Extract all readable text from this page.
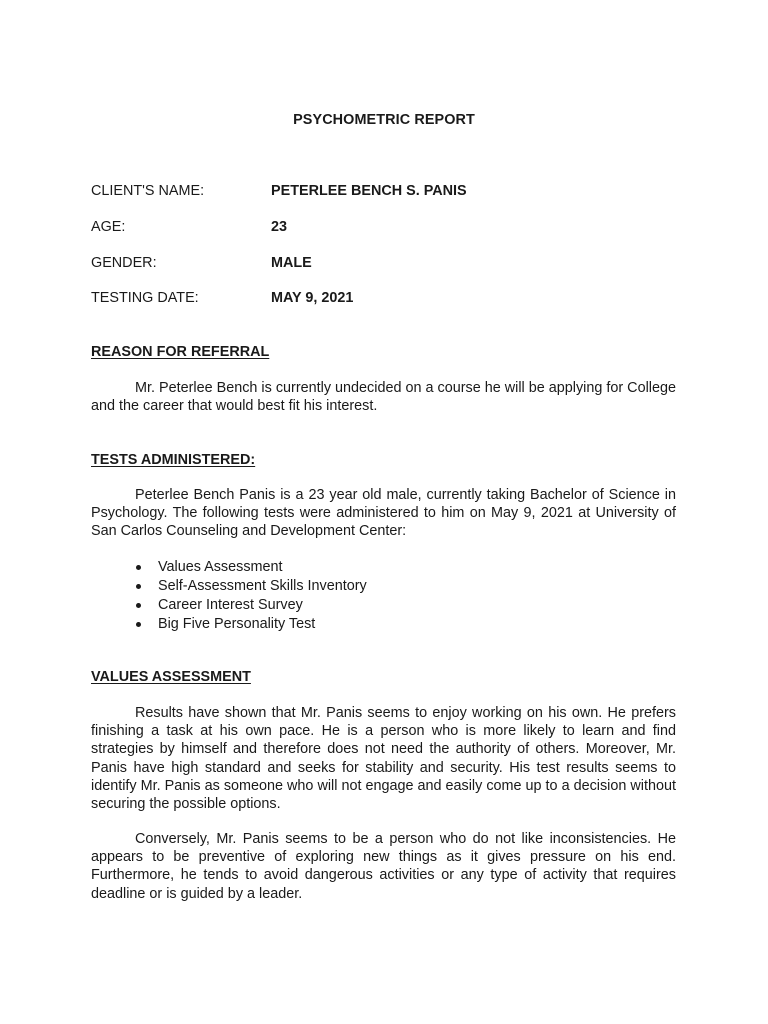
PSYCHOMETRIC REPORT
CLIENT'S NAME:	PETERLEE BENCH S. PANIS
AGE:	23
GENDER:	MALE
TESTING DATE:	MAY 9, 2021
REASON FOR REFERRAL

Mr. Peterlee Bench is currently undecided on a course he will be applying for College and the career that would best fit his interest.

TESTS ADMINISTERED:

Peterlee Bench Panis is a 23 year old male, currently taking Bachelor of Science in Psychology. The following tests were administered to him on May 9, 2021 at University of San Carlos Counseling and Development Center:

Values Assessment
Self-Assessment Skills Inventory
Career Interest Survey
Big Five Personality Test
VALUES ASSESSMENT

Results have shown that Mr. Panis seems to enjoy working on his own. He prefers finishing a task at his own pace. He is a person who is more likely to learn and find strategies by himself and therefore does not need the authority of others. Moreover, Mr. Panis have high standard and seeks for stability and security. His test results seems to identify Mr. Panis as someone who will not engage and easily come up to a decision without securing the possible options.

Conversely, Mr. Panis seems to be a person who do not like inconsistencies. He appears to be preventive of exploring new things as it gives pressure on his end. Furthermore, he tends to avoid dangerous activities or any type of activity that requires deadline or is guided by a leader.
